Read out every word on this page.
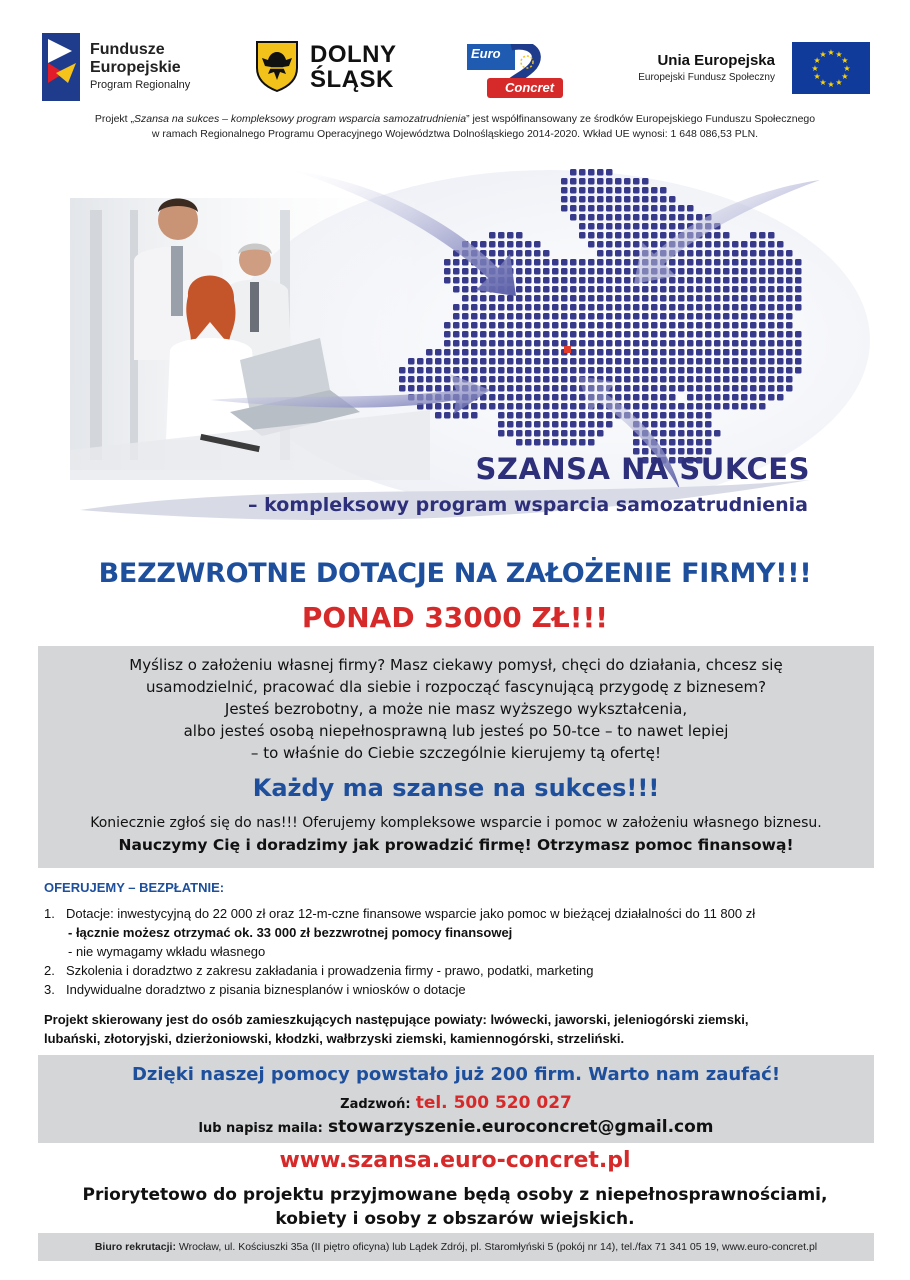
Fundusze
Europejskie
Program Regionalny
DOLNY
ŚLĄSK
Euro
Concret
Unia Europejska
Europejski Fundusz Społeczny
★
★
★
★
★
★
★
★
★ ★ ★
★
Projekt „Szansa na sukces – kompleksowy program wsparcia samozatrudnienia” jest współfinansowany ze środków Europejskiego Funduszu Społecznego
w ramach Regionalnego Programu Operacyjnego Województwa Dolnośląskiego 2014-2020. Wkład UE wynosi: 1 648 086,53 PLN.
SZANSA NA SUKCES
– kompleksowy program wsparcia samozatrudnienia
BEZZWROTNE DOTACJE NA ZAŁOŻENIE FIRMY!!!
PONAD 33000 ZŁ!!!
Myślisz o założeniu własnej firmy? Masz ciekawy pomysł, chęci do działania, chcesz się
usamodzielnić, pracować dla siebie i rozpocząć fascynującą przygodę z biznesem?
Jesteś bezrobotny, a może nie masz wyższego wykształcenia,
albo jesteś osobą niepełnosprawną lub jesteś po 50-tce – to nawet lepiej
– to właśnie do Ciebie szczególnie kierujemy tą ofertę!
Każdy ma szanse na sukces!!!
Koniecznie zgłoś się do nas!!! Oferujemy kompleksowe wsparcie i pomoc w założeniu własnego biznesu.
Nauczymy Cię i doradzimy jak prowadzić firmę! Otrzymasz pomoc finansową!
OFERUJEMY – BEZPŁATNIE:
1. Dotacje: inwestycyjną do 22 000 zł oraz 12-m-czne finansowe wsparcie jako pomoc w bieżącej działalności do 11 800 zł
- łącznie możesz otrzymać ok. 33 000 zł bezzwrotnej pomocy finansowej
- nie wymagamy wkładu własnego
2. Szkolenia i doradztwo z zakresu zakładania i prowadzenia firmy - prawo, podatki, marketing
3. Indywidualne doradztwo z pisania biznesplanów i wniosków o dotacje
Projekt skierowany jest do osób zamieszkujących następujące powiaty: lwówecki, jaworski, jeleniogórski ziemski,
lubański, złotoryjski, dzierżoniowski, kłodzki, wałbrzyski ziemski, kamiennogórski, strzeliński.
Dzięki naszej pomocy powstało już 200 firm. Warto nam zaufać!
Zadzwoń: tel. 500 520 027
lub napisz maila: stowarzyszenie.euroconcret@gmail.com
www.szansa.euro-concret.pl
Priorytetowo do projektu przyjmowane będą osoby z niepełnosprawnościami,
kobiety i osoby z obszarów wiejskich.
Biuro rekrutacji: Wrocław, ul. Kościuszki 35a (II piętro oficyna) lub Lądek Zdrój, pl. Staromłyński 5 (pokój nr 14), tel./fax 71 341 05 19, www.euro-concret.pl
